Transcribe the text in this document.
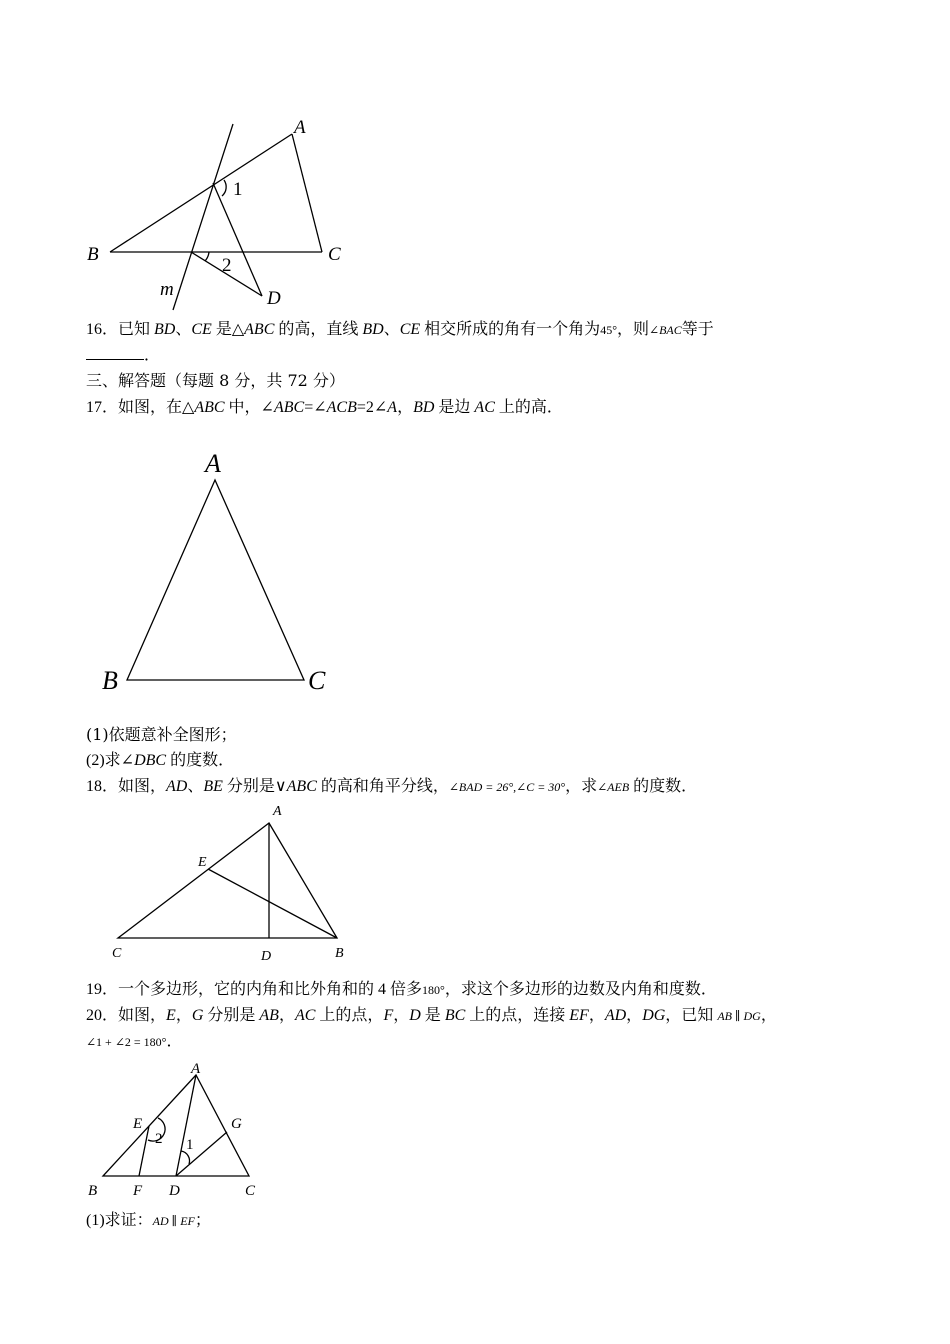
A
B	C
D
m
1
2
16．已知 BD、CE 是△ABC 的高，直线 BD、CE 相交所成的角有一个角为45°，则∠BAC等于
．
三、解答题（每题 8 分，共 72 分）
17．如图，在△ABC 中，∠ABC=∠ACB=2∠A，BD 是边 AC 上的高．
A
B	C
(1)依题意补全图形；
(2)求∠DBC 的度数．
18．如图，AD、BE 分别是∨ABC 的高和角平分线，∠BAD = 26°,∠C = 30°，求∠AEB 的度数．
A
E
C	D	B
19．一个多边形，它的内角和比外角和的 4 倍多180°，求这个多边形的边数及内角和度数．
20．如图，E，G 分别是 AB，AC 上的点，F，D 是 BC 上的点，连接 EF，AD，DG，已知 AB ∥ DG，
∠1 + ∠2 = 180°．
A
E	G
2 1
B F D	C
(1)求证：AD ∥ EF；
